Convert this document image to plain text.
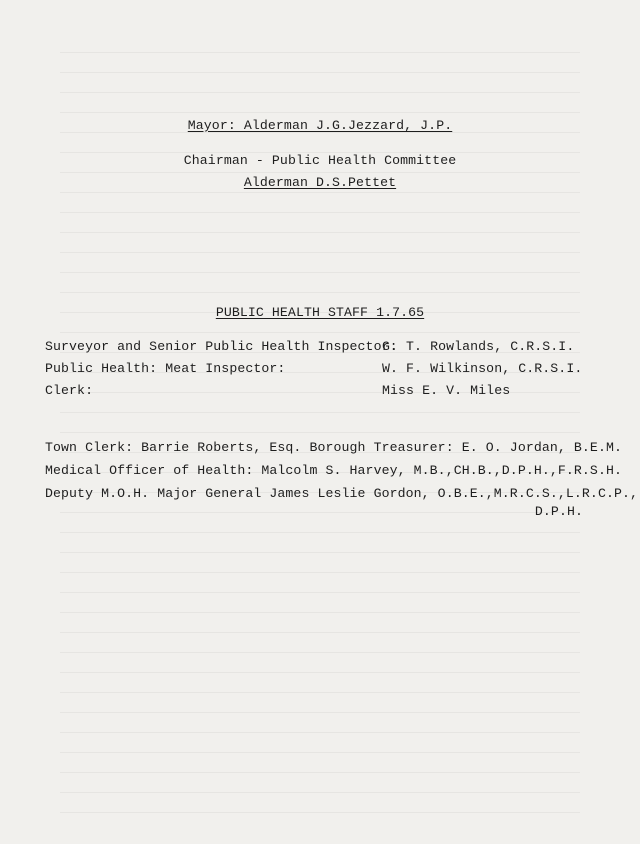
Mayor: Alderman J.G.Jezzard, J.P.
Chairman - Public Health Committee
Alderman D.S.Pettet
PUBLIC HEALTH STAFF 1.7.65
Surveyor and Senior Public Health Inspector:
G. T. Rowlands, C.R.S.I.
Public Health: Meat Inspector:	W. F. Wilkinson, C.R.S.I.
Clerk:	Miss E. V. Miles
Town Clerk: Barrie Roberts, Esq. Borough Treasurer: E. O. Jordan, B.E.M.
Medical Officer of Health: Malcolm S. Harvey, M.B.,CH.B.,D.P.H.,F.R.S.H.
Deputy M.O.H. Major General James Leslie Gordon, O.B.E.,M.R.C.S.,L.R.C.P.,
D.P.H.
